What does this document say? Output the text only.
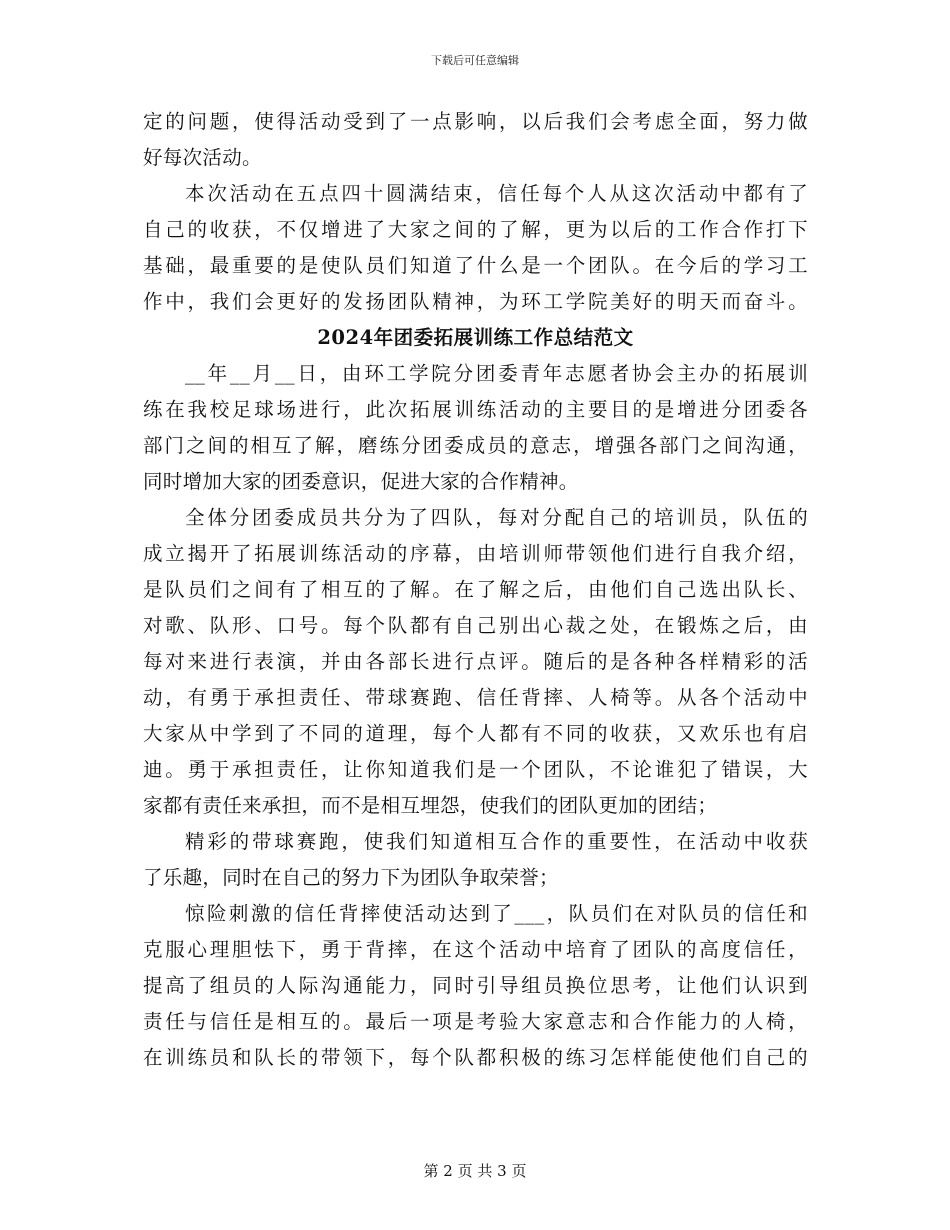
下载后可任意编辑
定的问题，使得活动受到了一点影响，以后我们会考虑全面，努力做
好每次活动。
本次活动在五点四十圆满结束，信任每个人从这次活动中都有了
自己的收获，不仅增进了大家之间的了解，更为以后的工作合作打下
基础，最重要的是使队员们知道了什么是一个团队。在今后的学习工
作中，我们会更好的发扬团队精神，为环工学院美好的明天而奋斗。
2024年团委拓展训练工作总结范文
__年__月__日，由环工学院分团委青年志愿者协会主办的拓展训
练在我校足球场进行，此次拓展训练活动的主要目的是增进分团委各
部门之间的相互了解，磨练分团委成员的意志，增强各部门之间沟通，
同时增加大家的团委意识，促进大家的合作精神。
全体分团委成员共分为了四队，每对分配自己的培训员，队伍的
成立揭开了拓展训练活动的序幕，由培训师带领他们进行自我介绍，
是队员们之间有了相互的了解。在了解之后，由他们自己选出队长、
对歌、队形、口号。每个队都有自己别出心裁之处，在锻炼之后，由
每对来进行表演，并由各部长进行点评。随后的是各种各样精彩的活
动，有勇于承担责任、带球赛跑、信任背摔、人椅等。从各个活动中
大家从中学到了不同的道理，每个人都有不同的收获，又欢乐也有启
迪。勇于承担责任，让你知道我们是一个团队，不论谁犯了错误，大
家都有责任来承担，而不是相互埋怨，使我们的团队更加的团结；
精彩的带球赛跑，使我们知道相互合作的重要性，在活动中收获
了乐趣，同时在自己的努力下为团队争取荣誉；
惊险刺激的信任背摔使活动达到了___，队员们在对队员的信任和
克服心理胆怯下，勇于背摔，在这个活动中培育了团队的高度信任，
提高了组员的人际沟通能力，同时引导组员换位思考，让他们认识到
责任与信任是相互的。最后一项是考验大家意志和合作能力的人椅，
在训练员和队长的带领下，每个队都积极的练习怎样能使他们自己的
第 2 页 共 3 页
